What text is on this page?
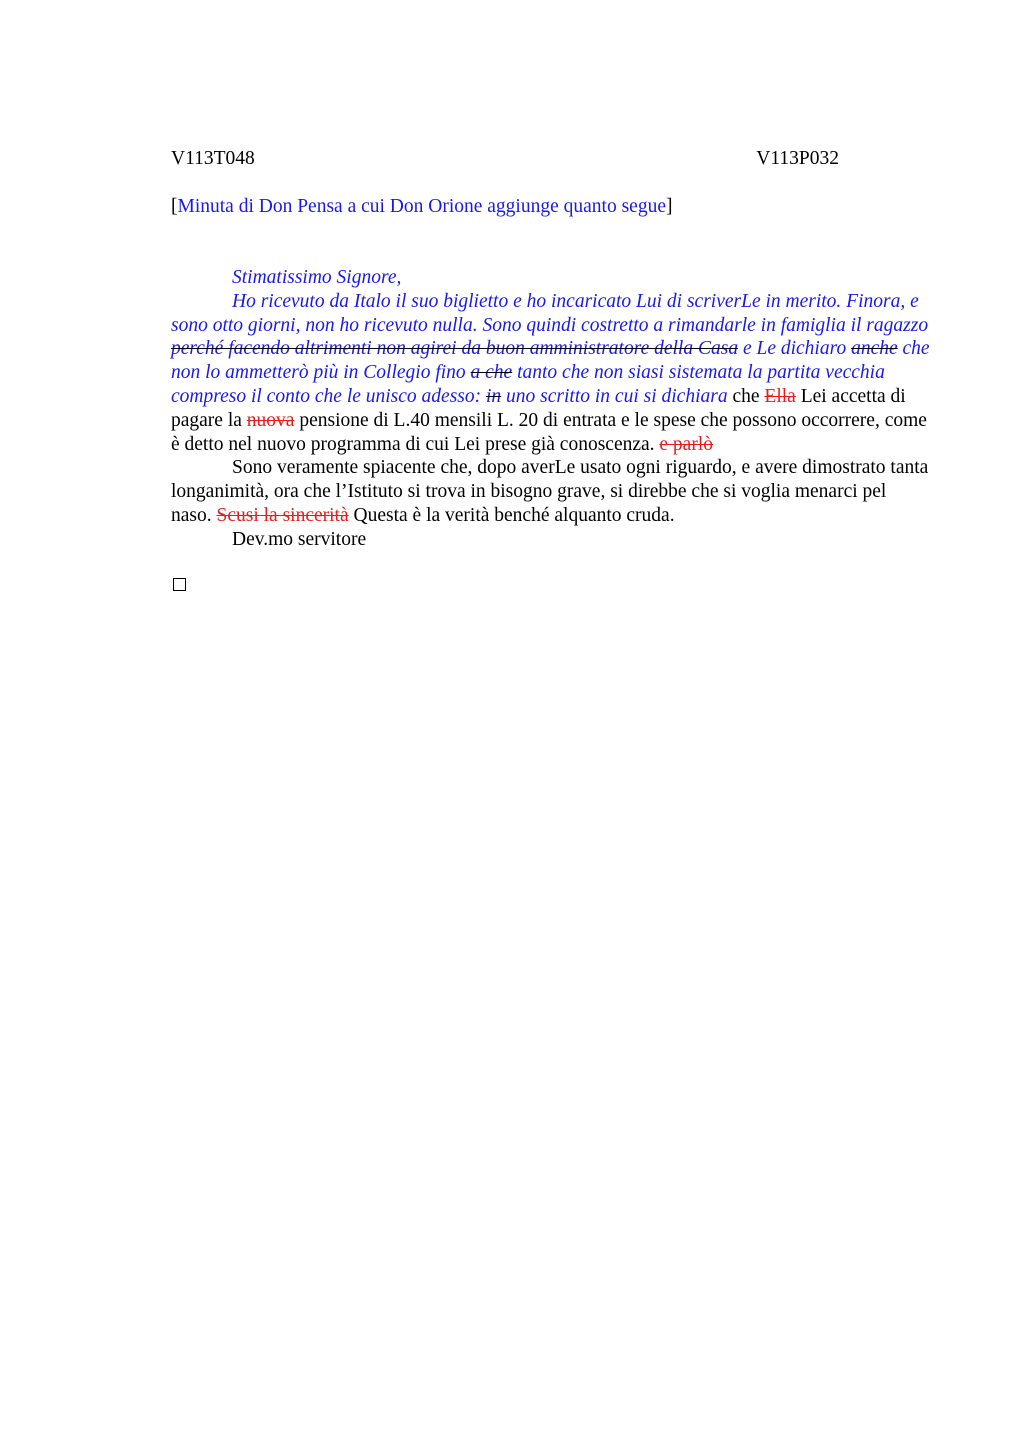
V113T048	V113P032
[Minuta di Don Pensa a cui Don Orione aggiunge quanto segue]

Stimatissimo Signore,

Ho ricevuto da Italo il suo biglietto e ho incaricato Lui di scriverLe in merito. Finora, e sono otto giorni, non ho ricevuto nulla. Sono quindi costretto a rimandarle in famiglia il ragazzo perché facendo altrimenti non agirei da buon amministratore della Casa e Le dichiaro anche che non lo ammetterò più in Collegio fino a che tanto che non siasi sistemata la partita vecchia compreso il conto che le unisco adesso: in uno scritto in cui si dichiara che Ella Lei accetta di pagare la nuova pensione di L.40 mensili L. 20 di entrata e le spese che possono occorrere, come è detto nel nuovo programma di cui Lei prese già conoscenza. e parlò

Sono veramente spiacente che, dopo averLe usato ogni riguardo, e avere dimostrato tanta longanimità, ora che l’Istituto si trova in bisogno grave, si direbbe che si voglia menarci pel naso. Scusi la sincerità Questa è la verità benché alquanto cruda.

Dev.mo servitore
